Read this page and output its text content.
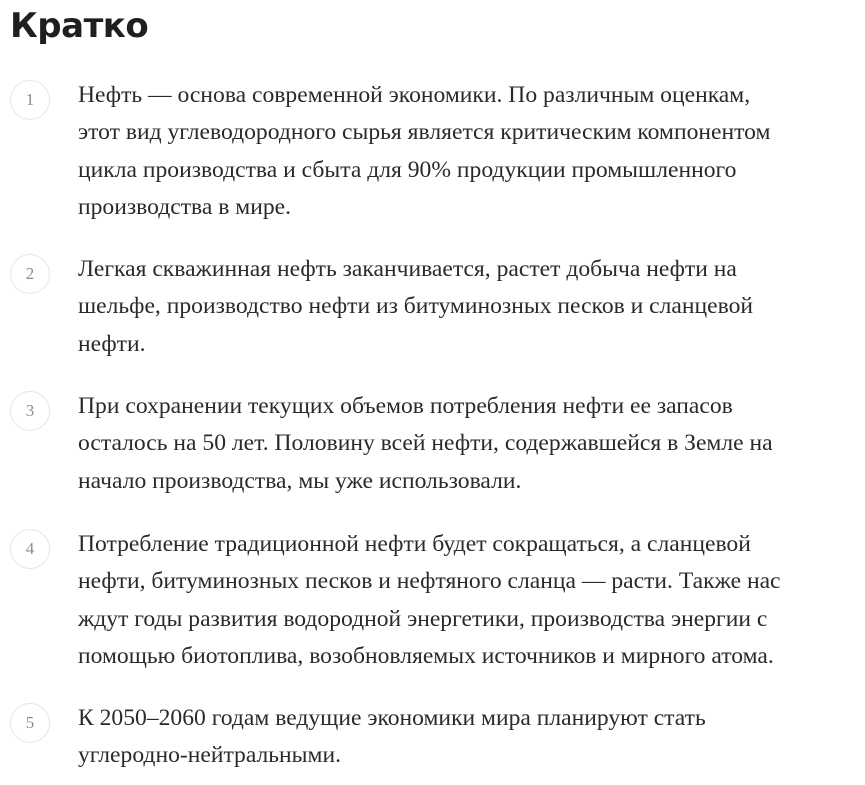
Кратко
1	Нефть — основа современной экономики. По различным оценкам,
этот вид углеводородного сырья является критическим компонентом
цикла производства и сбыта для 90% продукции промышленного
производства в мире.

2	Легкая скважинная нефть заканчивается, растет добыча нефти на
шельфе, производство нефти из битуминозных песков и сланцевой
нефти.

3	При сохранении текущих объемов потребления нефти ее запасов
осталось на 50 лет. Половину всей нефти, содержавшейся в Земле на
начало производства, мы уже использовали.

4	Потребление традиционной нефти будет сокращаться, а сланцевой
нефти, битуминозных песков и нефтяного сланца — расти. Также нас
ждут годы развития водородной энергетики, производства энергии с
помощью биотоплива, возобновляемых источников и мирного атома.

5	К 2050–2060 годам ведущие экономики мира планируют стать
углеродно-нейтральными.
